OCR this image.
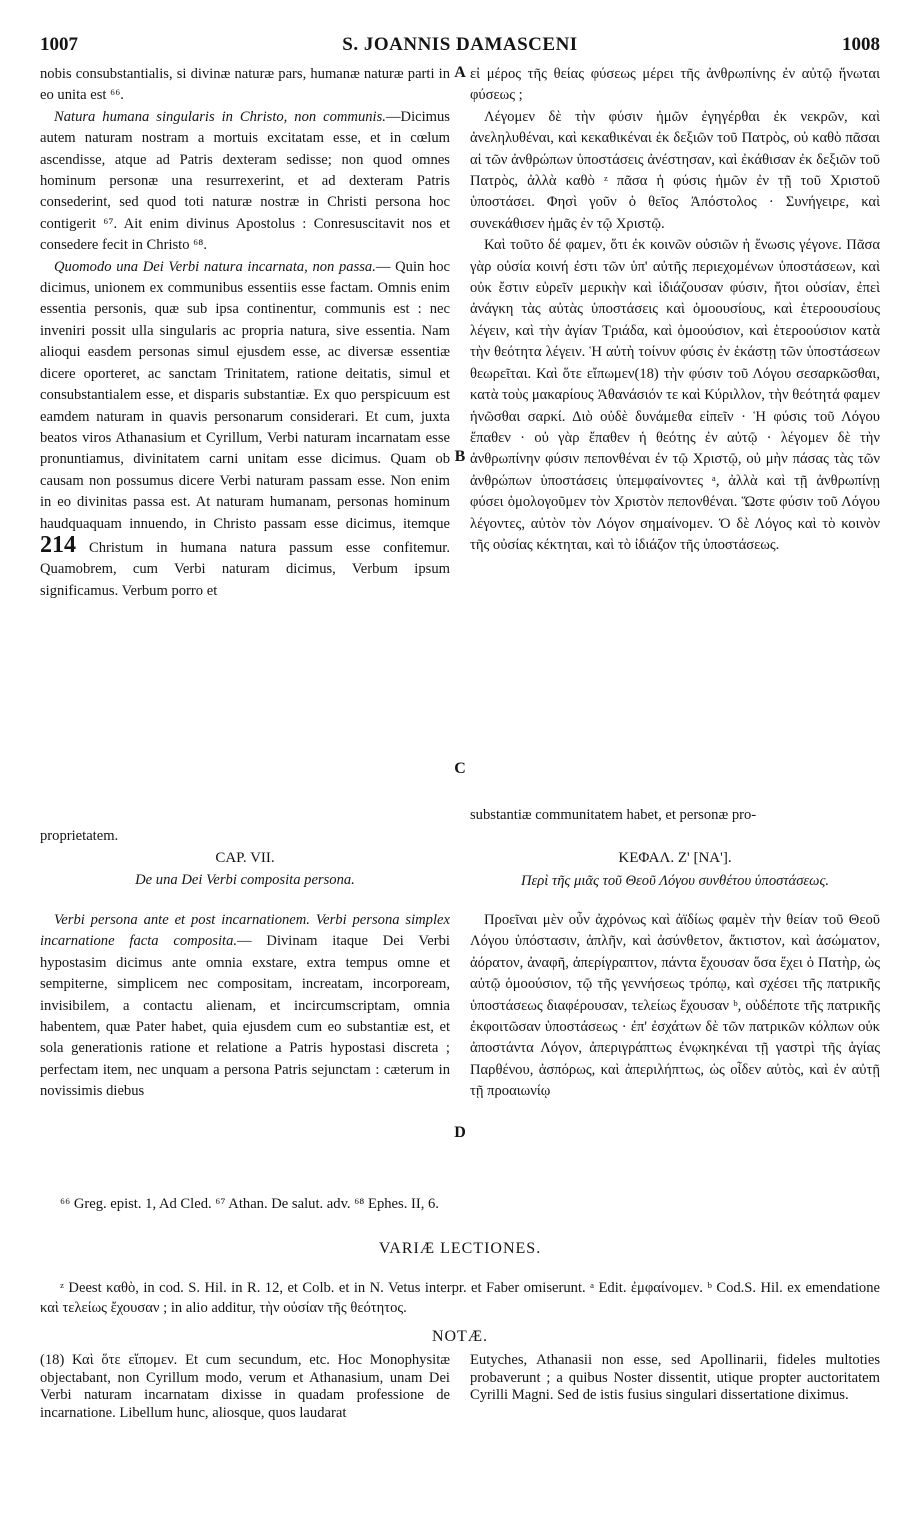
1007	S. JOANNIS DAMASCENI	1008
A
B
C
D

nobis consubstantialis, si divinæ naturæ pars, humanæ naturæ parti in eo unita est ⁶⁶.

Natura humana singularis in Christo, non communis.—Dicimus autem naturam nostram a mortuis excitatam esse, et in cœlum ascendisse, atque ad Patris dexteram sedisse; non quod omnes hominum personæ una resurrexerint, et ad dexteram Patris consederint, sed quod toti naturæ nostræ in Christi persona hoc contigerit ⁶⁷. Ait enim divinus Apostolus : Conresuscitavit nos et consedere fecit in Christo ⁶⁸.

Quomodo una Dei Verbi natura incarnata, non passa.— Quin hoc dicimus, unionem ex communibus essentiis esse factam. Omnis enim essentia personis, quæ sub ipsa continentur, communis est : nec inveniri possit ulla singularis ac propria natura, sive essentia. Nam alioqui easdem personas simul ejusdem esse, ac diversæ essentiæ dicere oporteret, ac sanctam Trinitatem, ratione deitatis, simul et consubstantialem esse, et disparis substantiæ. Ex quo perspicuum est eamdem naturam in quavis personarum considerari. Et cum, juxta beatos viros Athanasium et Cyrillum, Verbi naturam incarnatam esse pronuntiamus, divinitatem carni unitam esse dicimus. Quam ob causam non possumus dicere Verbi naturam passam esse. Non enim in eo divinitas passa est. At naturam humanam, personas hominum haudquaquam innuendo, in Christo passam esse dicimus, itemque 214 Christum in humana natura passum esse confitemur. Quamobrem, cum Verbi naturam dicimus, Verbum ipsum significamus. Verbum porro et

εἰ μέρος τῆς θείας φύσεως μέρει τῆς ἀνθρωπίνης ἐν αὐτῷ ἥνωται φύσεως ;

Λέγομεν δὲ τὴν φύσιν ἡμῶν ἐγηγέρθαι ἐκ νεκρῶν, καὶ ἀνεληλυθέναι, καὶ κεκαθικέναι ἐκ δεξιῶν τοῦ Πατρὸς, οὐ καθὸ πᾶσαι αἱ τῶν ἀνθρώπων ὑποστάσεις ἀνέστησαν, καὶ ἐκάθισαν ἐκ δεξιῶν τοῦ Πατρὸς, ἀλλὰ καθὸ ᶻ πᾶσα ἡ φύσις ἡμῶν ἐν τῇ τοῦ Χριστοῦ ὑποστάσει. Φησὶ γοῦν ὁ θεῖος Ἀπόστολος · Συνήγειρε, καὶ συνεκάθισεν ἡμᾶς ἐν τῷ Χριστῷ.

Καὶ τοῦτο δέ φαμεν, ὅτι ἐκ κοινῶν οὐσιῶν ἡ ἕνωσις γέγονε. Πᾶσα γὰρ οὐσία κοινή ἐστι τῶν ὑπ' αὐτῆς περιεχομένων ὑποστάσεων, καὶ οὐκ ἔστιν εὑρεῖν μερικὴν καὶ ἰδιάζουσαν φύσιν, ἤτοι οὐσίαν, ἐπεὶ ἀνάγκη τὰς αὐτὰς ὑποστάσεις καὶ ὁμοουσίους, καὶ ἑτεροουσίους λέγειν, καὶ τὴν ἁγίαν Τριάδα, καὶ ὁμοούσιον, καὶ ἑτεροούσιον κατὰ τὴν θεότητα λέγειν. Ἡ αὐτὴ τοίνυν φύσις ἐν ἑκάστῃ τῶν ὑποστάσεων θεωρεῖται. Καὶ ὅτε εἴπωμεν(18) τὴν φύσιν τοῦ Λόγου σεσαρκῶσθαι, κατὰ τοὺς μακαρίους Ἀθανάσιόν τε καὶ Κύριλλον, τὴν θεότητά φαμεν ἡνῶσθαι σαρκί. Διὸ οὐδὲ δυνάμεθα εἰπεῖν · Ἡ φύσις τοῦ Λόγου ἔπαθεν · οὐ γὰρ ἔπαθεν ἡ θεότης ἐν αὐτῷ · λέγομεν δὲ τὴν ἀνθρωπίνην φύσιν πεπονθέναι ἐν τῷ Χριστῷ, οὐ μὴν πάσας τὰς τῶν ἀνθρώπων ὑποστάσεις ὑπεμφαίνοντες ᵃ, ἀλλὰ καὶ τῇ ἀνθρωπίνῃ φύσει ὁμολογοῦμεν τὸν Χριστὸν πεπονθέναι. Ὥστε φύσιν τοῦ Λόγου λέγοντες, αὐτὸν τὸν Λόγον σημαίνομεν. Ὁ δὲ Λόγος καὶ τὸ κοινὸν τῆς οὐσίας κέκτηται, καὶ τὸ ἰδιάζον τῆς ὑποστάσεως.

substantiæ communitatem habet, et personæ pro-
proprietatem.
CAP. VII.
De una Dei Verbi composita persona.
ΚΕΦΑΛ. Ζ' [ΝΑ'].
Περὶ τῆς μιᾶς τοῦ Θεοῦ Λόγου συνθέτου ὑποστάσεως.

Verbi persona ante et post incarnationem. Verbi persona simplex incarnatione facta composita.— Divinam itaque Dei Verbi hypostasim dicimus ante omnia exstare, extra tempus omne et sempiterne, simplicem nec compositam, increatam, incorpoream, invisibilem, a contactu alienam, et incircumscriptam, omnia habentem, quæ Pater habet, quia ejusdem cum eo substantiæ est, et sola generationis ratione et relatione a Patris hypostasi discreta ; perfectam item, nec unquam a persona Patris sejunctam : cæterum in novissimis diebus

Προεῖναι μὲν οὖν ἀχρόνως καὶ ἀϊδίως φαμὲν τὴν θείαν τοῦ Θεοῦ Λόγου ὑπόστασιν, ἁπλῆν, καὶ ἀσύνθετον, ἄκτιστον, καὶ ἀσώματον, ἀόρατον, ἀναφῆ, ἀπερίγραπτον, πάντα ἔχουσαν ὅσα ἔχει ὁ Πατὴρ, ὡς αὐτῷ ὁμοούσιον, τῷ τῆς γεννήσεως τρόπῳ, καὶ σχέσει τῆς πατρικῆς ὑποστάσεως διαφέρουσαν, τελείως ἔχουσαν ᵇ, οὐδέποτε τῆς πατρικῆς ἐκφοιτῶσαν ὑποστάσεως · ἐπ' ἐσχάτων δὲ τῶν πατρικῶν κόλπων οὐκ ἀποστάντα Λόγον, ἀπεριγράπτως ἐνῳκηκέναι τῇ γαστρὶ τῆς ἁγίας Παρθένου, ἀσπόρως, καὶ ἀπεριλήπτως, ὡς οἶδεν αὐτὸς, καὶ ἐν αὐτῇ τῇ προαιωνίῳ

⁶⁶ Greg. epist. 1, Ad Cled. ⁶⁷ Athan. De salut. adv. ⁶⁸ Ephes. II, 6.
VARIÆ LECTIONES.
ᶻ Deest καθὸ, in cod. S. Hil. in R. 12, et Colb. et in N. Vetus interpr. et Faber omiserunt. ᵃ Edit. ἐμφαίνομεν. ᵇ Cod.S. Hil. ex emendatione καὶ τελείως ἔχουσαν ; in alio additur, τὴν οὐσίαν τῆς θεότητος.
NOTÆ.

(18) Καὶ ὅτε εἴπομεν. Et cum secundum, etc. Hoc Monophysitæ objectabant, non Cyrillum modo, verum et Athanasium, unam Dei Verbi naturam incarnatam dixisse in quadam professione de incarnatione. Libellum hunc, aliosque, quos laudarat

Eutyches, Athanasii non esse, sed Apollinarii, fideles multoties probaverunt ; a quibus Noster dissentit, utique propter auctoritatem Cyrilli Magni. Sed de istis fusius singulari dissertatione diximus.
